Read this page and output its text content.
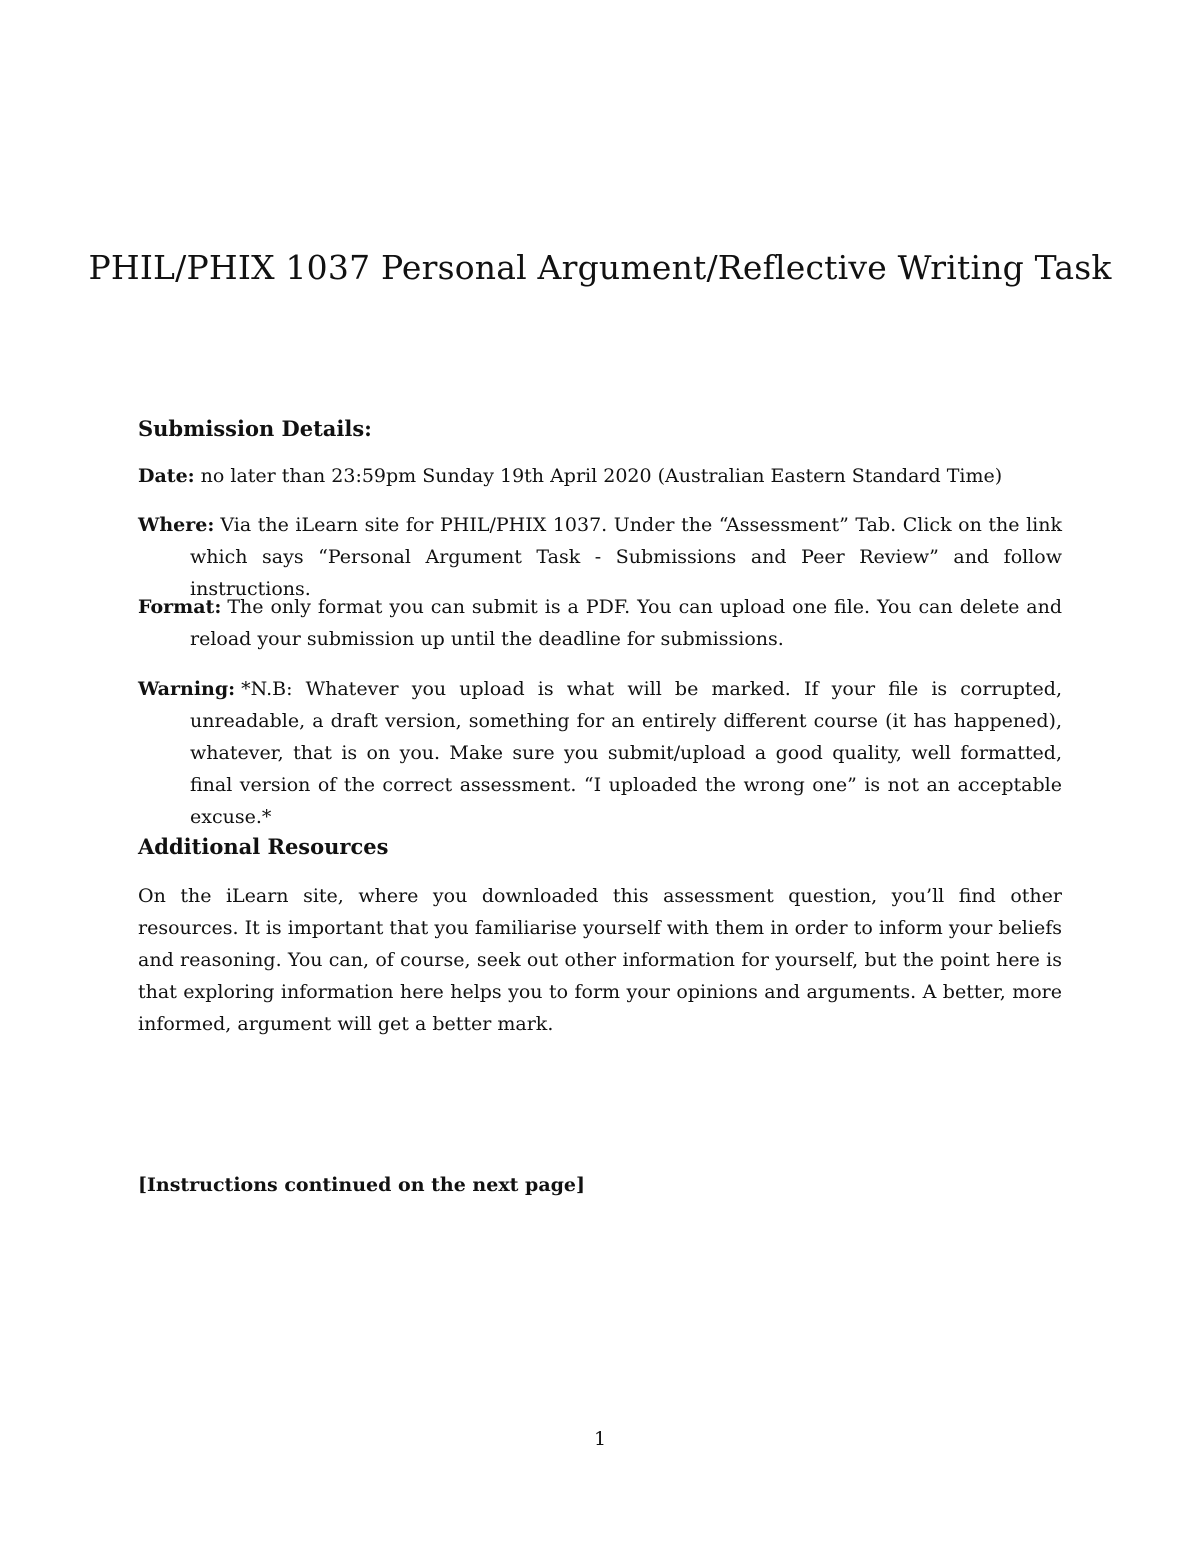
PHIL/PHIX 1037 Personal Argument/Reflective Writing Task
Submission Details:
Date: no later than 23:59pm Sunday 19th April 2020 (Australian Eastern Standard Time)
Where: Via the iLearn site for PHIL/PHIX 1037. Under the “Assessment” Tab. Click on the link which says “Personal Argument Task - Submissions and Peer Review” and follow instructions.
Format: The only format you can submit is a PDF. You can upload one file. You can delete and reload your submission up until the deadline for submissions.
Warning: *N.B: Whatever you upload is what will be marked. If your file is corrupted, unreadable, a draft version, something for an entirely different course (it has happened), whatever, that is on you. Make sure you submit/upload a good quality, well formatted, final version of the correct assessment. “I uploaded the wrong one” is not an acceptable excuse.*
Additional Resources

On the iLearn site, where you downloaded this assessment question, you’ll find other resources. It is important that you familiarise yourself with them in order to inform your beliefs and reasoning. You can, of course, seek out other information for yourself, but the point here is that exploring information here helps you to form your opinions and arguments. A better, more informed, argument will get a better mark.

[Instructions continued on the next page]

1
